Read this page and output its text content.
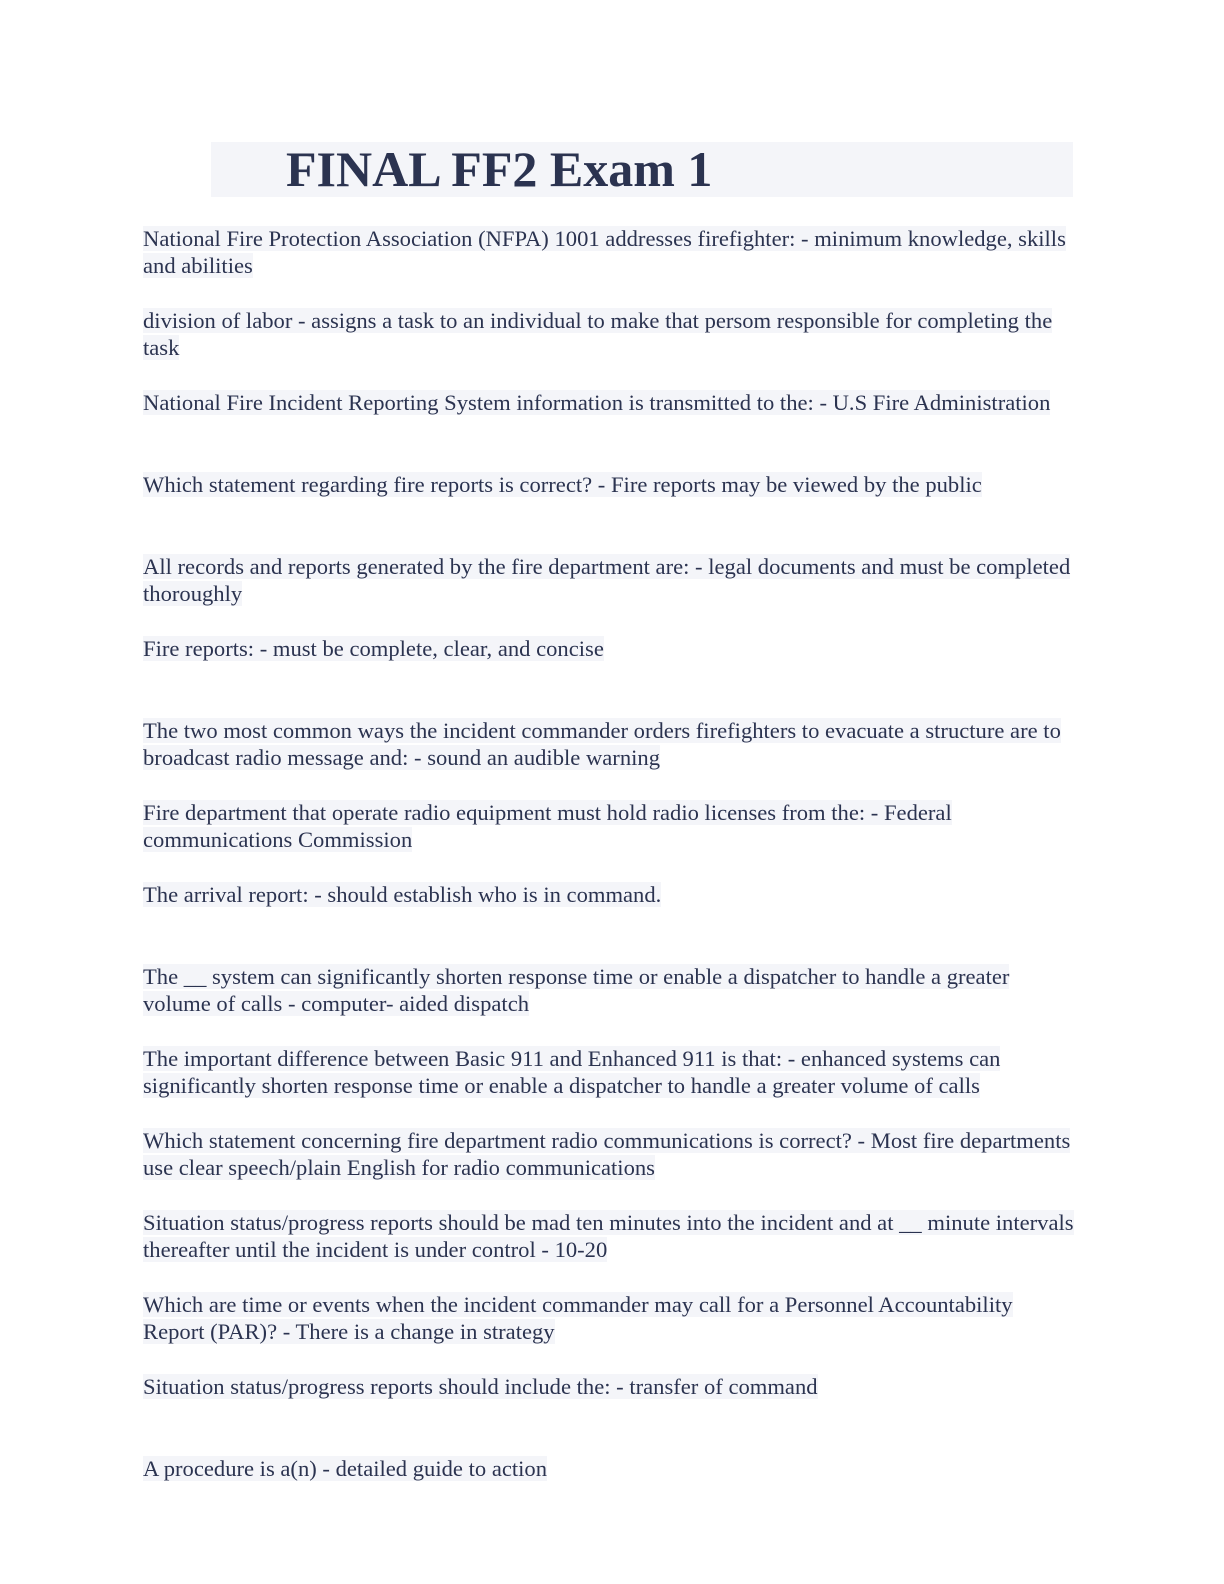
FINAL FF2 Exam 1
National Fire Protection Association (NFPA) 1001 addresses firefighter: - minimum knowledge, skills and abilities
division of labor - assigns a task to an individual to make that persom responsible for completing the task
National Fire Incident Reporting System information is transmitted to the: - U.S Fire Administration
Which statement regarding fire reports is correct? - Fire reports may be viewed by the public
All records and reports generated by the fire department are: - legal documents and must be completed thoroughly
Fire reports: - must be complete, clear, and concise
The two most common ways the incident commander orders firefighters to evacuate a structure are to broadcast radio message and: - sound an audible warning
Fire department that operate radio equipment must hold radio licenses from the: - Federal communications Commission
The arrival report: - should establish who is in command.
The __ system can significantly shorten response time or enable a dispatcher to handle a greater volume of calls - computer- aided dispatch
The important difference between Basic 911 and Enhanced 911 is that: - enhanced systems can significantly shorten response time or enable a dispatcher to handle a greater volume of calls
Which statement concerning fire department radio communications is correct? - Most fire departments use clear speech/plain English for radio communications
Situation status/progress reports should be mad ten minutes into the incident and at __ minute intervals thereafter until the incident is under control - 10-20
Which are time or events when the incident commander may call for a Personnel Accountability Report (PAR)? - There is a change in strategy
Situation status/progress reports should include the: - transfer of command
A procedure is a(n) - detailed guide to action
